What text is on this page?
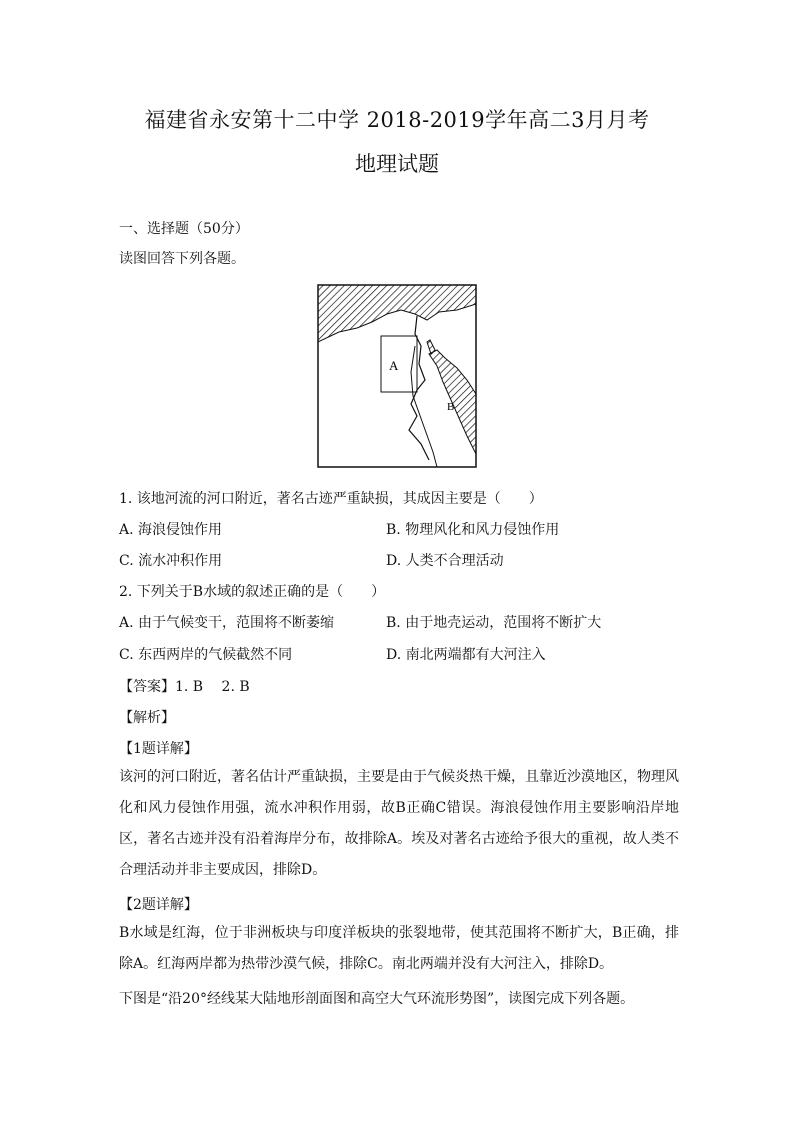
福建省永安第十二中学 2018-2019学年高二3月月考
地理试题
一、选择题（50分）
读图回答下列各题。
A
B
1. 该地河流的河口附近，著名古迹严重缺损，其成因主要是（　　）
A. 海浪侵蚀作用	B. 物理风化和风力侵蚀作用
C. 流水冲积作用	D. 人类不合理活动
2. 下列关于B水域的叙述正确的是（　　）
A. 由于气候变干，范围将不断萎缩	B. 由于地壳运动，范围将不断扩大
C. 东西两岸的气候截然不同	D. 南北两端都有大河注入
【答案】1. B　 2. B
【解析】
【1题详解】
该河的河口附近，著名估计严重缺损，主要是由于气候炎热干燥，且靠近沙漠地区，物理风化和风力侵蚀作用强，流水冲积作用弱，故B正确C错误。海浪侵蚀作用主要影响沿岸地区，著名古迹并没有沿着海岸分布，故排除A。埃及对著名古迹给予很大的重视，故人类不合理活动并非主要成因，排除D。
【2题详解】
B水域是红海，位于非洲板块与印度洋板块的张裂地带，使其范围将不断扩大，B正确，排除A。红海两岸都为热带沙漠气候，排除C。南北两端并没有大河注入，排除D。
下图是“沿20°经线某大陆地形剖面图和高空大气环流形势图”，读图完成下列各题。
